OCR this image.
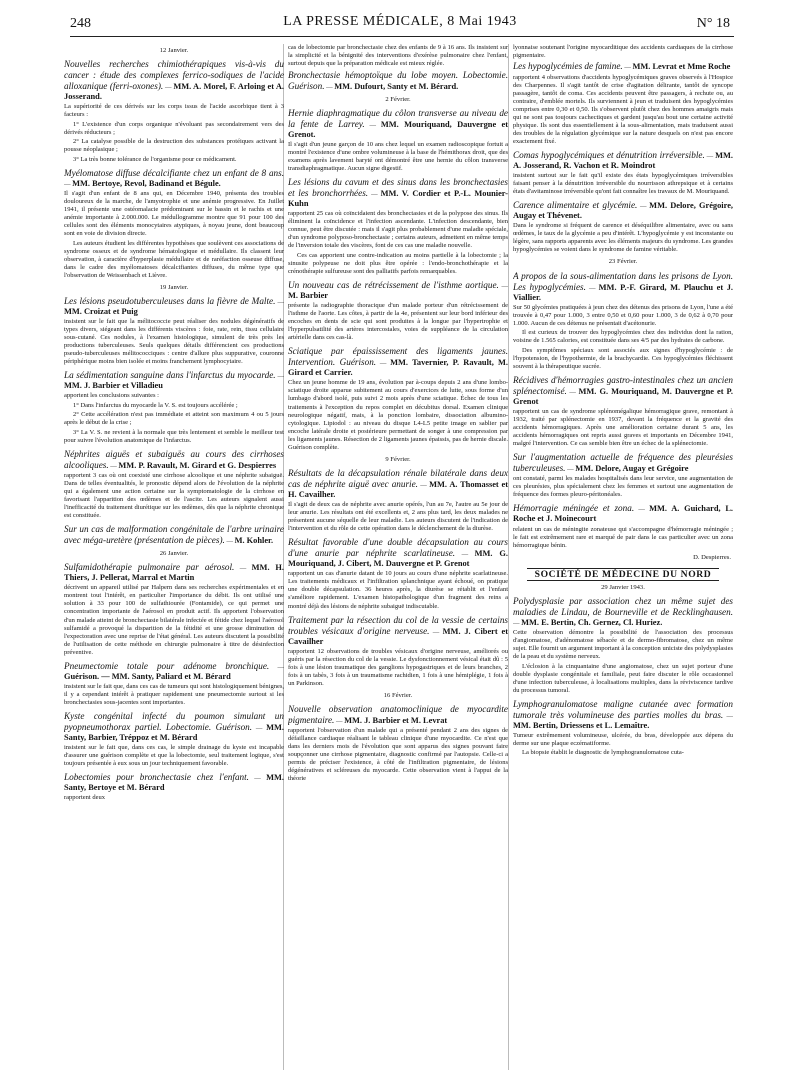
248	LA PRESSE MÉDICALE, 8 Mai 1943	N° 18
12 Janvier.
Nouvelles recherches chimiothérapiques vis-à-vis du cancer : étude des complexes ferrico-sodiques de l'acide alloxanique (ferri-oxones). — MM. A. Morel, F. Arloing et A. Josserand.

La supériorité de ces dérivés sur les corps issus de l'acide ascorbique tient à 3 facteurs :

1° L'existence d'un corps organique n'évoluant pas secondairement vers des dérivés réducteurs ;

2° La catalyse possible de la destruction des substances protéiques activant la pousse néoplasique ;

3° La très bonne tolérance de l'organisme pour ce médicament.

Myélomatose diffuse décalcifiante chez un enfant de 8 ans. — MM. Bertoye, Revol, Badinand et Bégule.

Il s'agit d'un enfant de 8 ans qui, en Décembre 1940, présenta des troubles douloureux de la marche, de l'amyotrophie et une anémie progressive. En Juillet 1941, il présente une ostéomalacie prédominant sur le bassin et le rachis et une anémie importante à 2.000.000. Le médullogramme montre que 91 pour 100 des cellules sont des éléments monocytaires atypiques, à noyau jeune, dont beaucoup sont en voie de division directe.

Les auteurs étudient les différentes hypothèses que soulèvent ces associations de syndrome osseux et de syndrome hématologique et médullaire. Ils classent leur observation, à caractère d'hyperplasie médullaire et de raréfaction osseuse diffuse, dans le cadre des myélomatoses décalcifiantes diffuses, du même type que l'observation de Weissenbach et Lièvre.

19 Janvier.
Les lésions pseudotuberculeuses dans la fièvre de Malte. — MM. Croizat et Puig

insistent sur le fait que la mélitococcie peut réaliser des nodules dégénératifs de types divers, siégeant dans les différents viscères : foie, rate, rein, tissu cellulaire sous-cutané. Ces nodules, à l'examen histologique, simulent de très près les productions tuberculeuses. Seuls quelques détails différencient ces productions pseudo-tuberculeuses mélitococciques : centre d'allure plus suppurative, couronne périphérique moins bien isolée et moins franchement lymphocytaire.

La sédimentation sanguine dans l'infarctus du myocarde. — MM. J. Barbier et Villadieu

apportent les conclusions suivantes :

1° Dans l'infarctus du myocarde la V. S. est toujours accélérée ;

2° Cette accélération n'est pas immédiate et atteint son maximum 4 ou 5 jours après le début de la crise ;

3° La V. S. ne revient à la normale que très lentement et semble le meilleur test pour suivre l'évolution anatomique de l'infarctus.

Néphrites aiguës et subaiguës au cours des cirrhoses alcooliques. — MM. P. Ravault, M. Girard et G. Despierres

rapportent 3 cas où ont coexisté une cirrhose alcoolique et une néphrite subaiguë. Dans de telles éventualités, le pronostic dépend alors de l'évolution de la néphrite qui a également une action certaine sur la symptomatologie de la cirrhose en favorisant l'apparition des œdèmes et de l'ascite. Les auteurs signalent aussi l'inefficacité du traitement diurétique sur les œdèmes, dès que la néphrite chronique est constituée.

Sur un cas de malformation congénitale de l'arbre urinaire avec méga-uretère (présentation de pièces). — M. Kohler.
26 Janvier.
Sulfamidothérapie pulmonaire par aérosol. — MM. H. Thiers, J. Pellerat, Marral et Martin

décrivent un appareil utilisé par Halpern dans ses recherches expérimentales et en montrent tout l'intérêt, en particulier l'importance du débit. Ils ont utilisé une solution à 33 pour 100 de sulfathiourée (Fontamide), ce qui permet une concentration importante de l'aérosol en produit actif. Ils apportent l'observation d'un malade atteint de bronchectasie bilatérale infectée et fétide chez lequel l'aérosol sulfamidé a provoqué la disparition de la fétidité et une grosse diminution de l'expectoration avec une reprise de l'état général. Les auteurs discutent la possibilité de l'utilisation de cette méthode en chirurgie pulmonaire à titre de désinfection préventive.

Pneumectomie totale pour adénome bronchique. — Guérison. — MM. Santy, Paliard et M. Bérard

insistent sur le fait que, dans ces cas de tumeurs qui sont histologiquement bénignes, il y a cependant intérêt à pratiquer rapidement une pneumectomie surtout si les bronchectasies sous-jacentes sont importantes.

Kyste congénital infecté du poumon simulant un pyopneumothorax partiel. Lobectomie. Guérison. — MM. Santy, Barbier, Tréppoz et M. Bérard

insistent sur le fait que, dans ces cas, le simple drainage du kyste est incapable d'assurer une guérison complète et que la lobectomie, seul traitement logique, s'est toujours présentée à eux sous un jour techniquement favorable.

Lobectomies pour bronchectasie chez l'enfant. — MM. Santy, Bertoye et M. Bérard

rapportent deux

cas de lobectomie par bronchectasie chez des enfants de 9 à 16 ans. Ils insistent sur la simplicité et la bénignité des interventions d'exérèse pulmonaire chez l'enfant, surtout depuis que la préparation médicale est mieux réglée.

Bronchectasie hémoptoïque du lobe moyen. Lobectomie. Guérison. — MM. Dufourt, Santy et M. Bérard.
2 Février.
Hernie diaphragmatique du côlon transverse au niveau de la fente de Larrey. — MM. Mouriquand, Dauvergne et Grenot.

Il s'agit d'un jeune garçon de 10 ans chez lequel un examen radioscopique fortuit a montré l'existence d'une ombre volumineuse à la base de l'hémithorax droit, que des examens après lavement baryté ont démontré être une hernie du côlon transverse transdiaphragmatique. Aucun signe digestif.

Les lésions du cavum et des sinus dans les bronchectasies et les bronchorrhées. — MM. V. Cordier et P.-L. Mounier-Kuhn

rapportent 25 cas où coïncidaient des bronchectasies et de la polypose des sinus. Ils éliminent la coïncidence et l'infection ascendante. L'infection descendante, bien connue, peut être discutée : mais il s'agit plus probablement d'une maladie spéciale, d'un syndrome polyposo-bronchectasie ; certains auteurs, admettent en même temps de l'inversion totale des viscères, font de ces cas une maladie nouvelle.

Ces cas apportent une contre-indication au moins partielle à la lobectomie ; la sinusite polypeuse ne doit plus être opérée : l'endo-bronchothérapie et la crénothérapie sulfureuse sont des palliatifs parfois remarquables.

Un nouveau cas de rétrécissement de l'isthme aortique. — M. Barbier

présente la radiographie thoracique d'un malade porteur d'un rétrécissement de l'isthme de l'aorte. Les côtes, à partir de la 4e, présentent sur leur bord inférieur des encoches en dents de scie qui sont produites à la longue par l'hypertrophie et l'hyperpulsatilité des artères intercostales, voies de suppléance de la circulation artérielle dans ces cas-là.

Sciatique par épaississement des ligaments jaunes. Intervention. Guérison. — MM. Tavernier, P. Ravault, M. Girard et Carrier.

Chez un jeune homme de 19 ans, évolution par à-coups depuis 2 ans d'une lombo-sciatique droite apparue subitement au cours d'exercices de lutte, sous forme d'un lumbago d'abord isolé, puis suivi 2 mois après d'une sciatique. Échec de tous les traitements à l'exception du repos complet en décubitus dorsal. Examen clinique neurologique négatif, mais, à la ponction lombaire, dissociation albumino-cytologique. Lipiodol : au niveau du disque L4-L5 petite image en sablier par encoche latérale droite et postérieure permettant de songer à une compression par les ligaments jaunes. Résection de 2 ligaments jaunes épaissis, pas de hernie discale. Guérison complète.

9 Février.
Résultats de la décapsulation rénale bilatérale dans deux cas de néphrite aiguë avec anurie. — MM. A. Thomasset et H. Cavailher.

Il s'agit de deux cas de néphrite avec anurie opérés, l'un au 7e, l'autre au 5e jour de leur anurie. Les résultats ont été excellents et, 2 ans plus tard, les deux malades ne présentent aucune séquelle de leur maladie. Les auteurs discutent de l'indication de l'intervention et du rôle de cette opération dans le déclenchement de la diurèse.

Résultat favorable d'une double décapsulation au cours d'une anurie par néphrite scarlatineuse. — MM. G. Mouriquand, J. Cibert, M. Dauvergne et P. Grenot

rapportent un cas d'anurie datant de 10 jours au cours d'une néphrite scarlatineuse. Les traitements médicaux et l'infiltration splanchnique ayant échoué, on pratique une double décapsulation. 36 heures après, la diurèse se rétablit et l'enfant s'améliore rapidement. L'examen histopathologique d'un fragment des reins a montré déjà des lésions de néphrite subaiguë indiscutable.

Traitement par la résection du col de la vessie de certains troubles vésicaux d'origine nerveuse. — MM. J. Cibert et Cavailher

rapportent 12 observations de troubles vésicaux d'origine nerveuse, améliorés ou guéris par la résection du col de la vessie. Le dysfonctionnement vésical était dû : 5 fois à une lésion traumatique des ganglions hypogastriques et de leurs branches, 2 fois à un tabès, 3 fois à un traumatisme rachidien, 1 fois à une hémiplégie, 1 fois à un Parkinson.

16 Février.
Nouvelle observation anatomoclinique de myocardite pigmentaire. — MM. J. Barbier et M. Levrat

rapportent l'observation d'un malade qui a présenté pendant 2 ans des signes de défaillance cardiaque réalisant le tableau clinique d'une myocardite. Ce n'est que dans les derniers mois de l'évolution que sont apparus des signes pouvant faire soupçonner une cirrhose pigmentaire, diagnostic confirmé par l'autopsie. Celle-ci a permis de préciser l'existence, à côté de l'infiltration pigmentaire, de lésions dégénératives et scléreuses du myocarde. Cette observation vient à l'appui de la théorie

lyonnaise soutenant l'origine myocarditique des accidents cardiaques de la cirrhose pigmentaire.

Les hypoglycémies de famine. — MM. Levrat et Mme Roche

rapportent 4 observations d'accidents hypoglycémiques graves observés à l'Hospice des Charpennes. Il s'agit tantôt de crise d'agitation délirante, tantôt de syncope passagère, tantôt de coma. Ces accidents peuvent être passagers, à rechute ou, au contraire, d'emblée mortels. Ils surviennent à jeun et traduisent des hypoglycémies comprises entre 0,30 et 0,50. Ils s'observent plutôt chez des hommes amaigris mais qui ne sont pas toujours cachectiques et gardent jusqu'au bout une certaine activité physique. Ils sont dus essentiellement à la sous-alimentation, mais traduisent aussi des troubles de la régulation glycémique sur la nature desquels on n'est pas encore exactement fixé.

Comas hypoglycémiques et dénutrition irréversible. — MM. A. Josserand, R. Vachon et R. Moindrot

insistent surtout sur le fait qu'il existe des états hypoglycémiques irréversibles faisant penser à la dénutrition irréversible du nourrisson athrepsique et à certains états d'avitaminose irréversible qu'ont fait connaître les travaux de M. Mouriquand.

Carence alimentaire et glycémie. — MM. Delore, Grégoire, Augay et Thévenet.

Dans le syndrome si fréquent de carence et déséquilibre alimentaire, avec ou sans œdèmes, le taux de la glycémie a peu d'intérêt. L'hypoglycémie y est inconstante ou légère, sans rapports apparents avec les éléments majeurs du syndrome. Les grandes hypoglycémies se voient dans le syndrome de famine véritable.

23 Février.
A propos de la sous-alimentation dans les prisons de Lyon. Les hypoglycémies. — MM. P.-F. Girard, M. Plauchu et J. Viallier.

Sur 50 glycémies pratiquées à jeun chez des détenus des prisons de Lyon, l'une a été trouvée à 0,47 pour 1.000, 3 entre 0,50 et 0,60 pour 1.000, 3 de 0,62 à 0,70 pour 1.000. Aucun de ces détenus ne présentait d'acétonurie.

Il est curieux de trouver des hypoglycémies chez des individus dont la ration, voisine de 1.565 calories, est constituée dans ses 4/5 par des hydrates de carbone.

Des symptômes spéciaux sont associés aux signes d'hypoglycémie : de l'hypotension, de l'hypothermie, de la brachycardie. Ces hypoglycémies fléchissent souvent à la thérapeutique sucrée.

Récidives d'hémorragies gastro-intestinales chez un ancien splénectomisé. — MM. G. Mouriquand, M. Dauvergne et P. Grenot

rapportent un cas de syndrome splénomégalique hémorragique grave, remontant à 1932, traité par splénectomie en 1937, devant la fréquence et la gravité des accidents hémorragiques. Après une amélioration certaine durant 5 ans, les accidents hémorragiques ont repris aussi graves et importants en Décembre 1941, malgré l'intervention. Ce cas semble bien être un échec de la splénectomie.

Sur l'augmentation actuelle de fréquence des pleurésies tuberculeuses. — MM. Delore, Augay et Grégoire

ont constaté, parmi les malades hospitalisés dans leur service, une augmentation de ces pleurésies, plus spécialement chez les femmes et surtout une augmentation de fréquence des formes pleuro-péritonéales.

Hémorragie méningée et zona. — MM. A. Guichard, L. Roche et J. Moinecourt

relatent un cas de méningite zonateuse qui s'accompagne d'hémorragie méningée ; le fait est extrêmement rare et marqué de pair dans le cas particulier avec un zona hémorragique bénin.

D. Despierres.
SOCIÉTÉ DE MÉDECINE DU NORD
29 Janvier 1943.
Polydysplasie par association chez un même sujet des maladies de Lindau, de Bourneville et de Recklinghausen. — MM. E. Bertin, Ch. Gernez, Cl. Huriez.

Cette observation démontre la possibilité de l'association des processus d'angiomatose, d'adénomatose sébacée et de dermo-fibromatose, chez un même sujet. Elle fournit un argument important à la conception uniciste des polydysplasies de la peau et du système nerveux.

L'éclosion à la cinquantaine d'une angiomatose, chez un sujet porteur d'une double dysplasie congénitale et familiale, peut faire discuter le rôle occasionnel d'une infection tuberculeuse, à localisations multiples, dans la réviviscence tardive du processus tumoral.

Lymphogranulomatose maligne cutanée avec formation tumorale très volumineuse des parties molles du bras. — MM. Bertin, Driessens et L. Lemaître.

Tumeur extrêmement volumineuse, ulcérée, du bras, développée aux dépens du derme sur une plaque eczématiforme.

La biopsie établit le diagnostic de lymphogranulomatose cuta-
